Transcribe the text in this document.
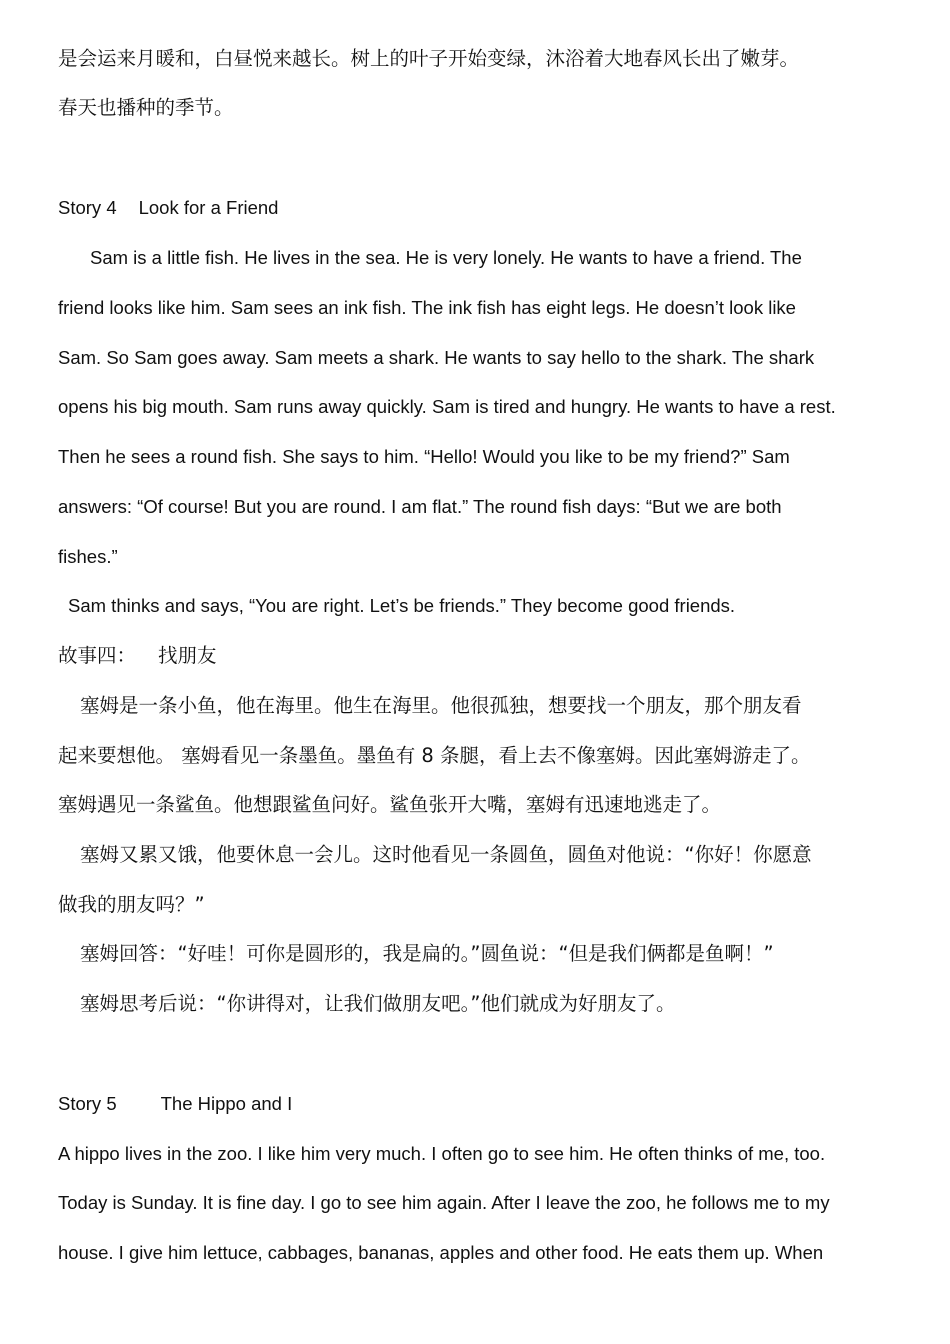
是会运来月暖和，白昼悦来越长。树上的叶子开始变绿，沐浴着大地春风长出了嫩芽。
春天也播种的季节。
Story 4 Look for a Friend
Sam is a little fish. He lives in the sea. He is very lonely. He wants to have a friend. The
friend looks like him. Sam sees an ink fish. The ink fish has eight legs. He doesn’t look like
Sam. So Sam goes away. Sam meets a shark. He wants to say hello to the shark. The shark
opens his big mouth. Sam runs away quickly. Sam is tired and hungry. He wants to have a rest.
Then he sees a round fish. She says to him. “Hello! Would you like to be my friend?” Sam
answers: “Of course! But you are round. I am flat.” The round fish days: “But we are both
fishes.”
Sam thinks and says, “You are right. Let’s be friends.” They become good friends.
故事四： 找朋友
塞姆是一条小鱼，他在海里。他生在海里。他很孤独，想要找一个朋友，那个朋友看
起来要想他。 塞姆看见一条墨鱼。墨鱼有 8 条腿，看上去不像塞姆。因此塞姆游走了。
塞姆遇见一条鲨鱼。他想跟鲨鱼问好。鲨鱼张开大嘴，塞姆有迅速地逃走了。
塞姆又累又饿，他要休息一会儿。这时他看见一条圆鱼，圆鱼对他说：“你好！你愿意
做我的朋友吗？”
塞姆回答：“好哇！可你是圆形的，我是扁的。”圆鱼说：“但是我们俩都是鱼啊！”
塞姆思考后说：“你讲得对，让我们做朋友吧。”他们就成为好朋友了。
Story 5 The Hippo and I
A hippo lives in the zoo. I like him very much. I often go to see him. He often thinks of me, too.
Today is Sunday. It is fine day. I go to see him again. After I leave the zoo, he follows me to my
house. I give him lettuce, cabbages, bananas, apples and other food. He eats them up. When
